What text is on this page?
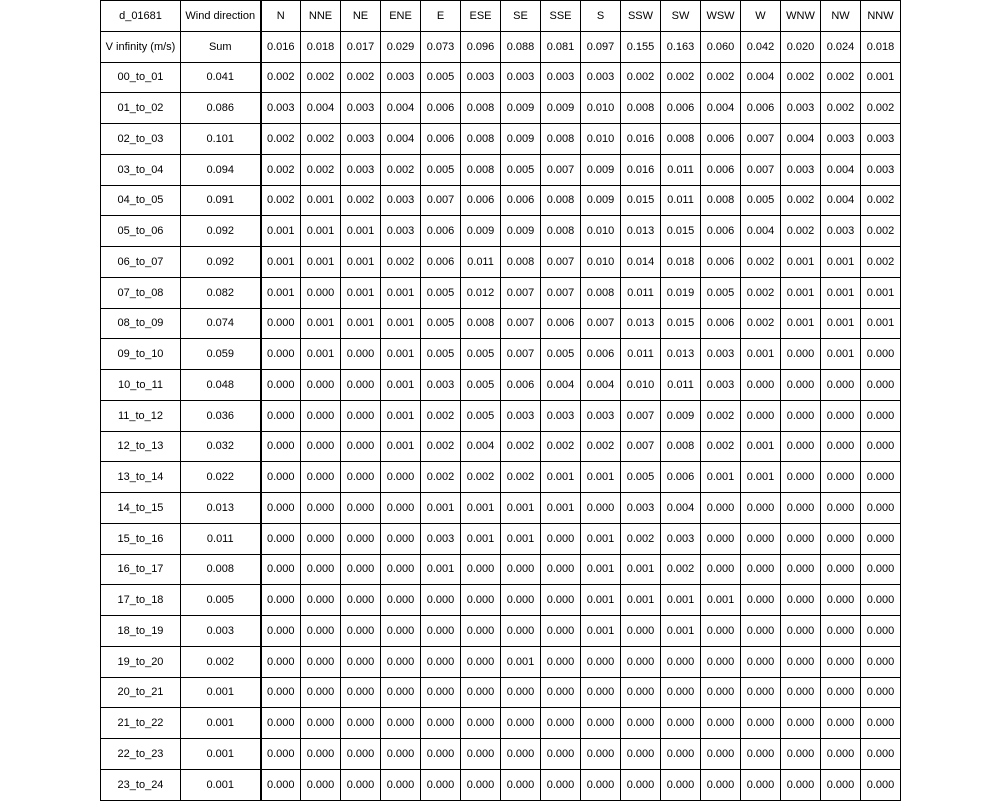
d_01681	Wind direction	N	NNE	NE	ENE	E	ESE	SE	SSE	S	SSW	SW	WSW	W	WNW	NW	NNW
V infinity (m/s)	Sum	0.016	0.018	0.017	0.029	0.073	0.096	0.088	0.081	0.097	0.155	0.163	0.060	0.042	0.020	0.024	0.018
00_to_01	0.041	0.002	0.002	0.002	0.003	0.005	0.003	0.003	0.003	0.003	0.002	0.002	0.002	0.004	0.002	0.002	0.001
01_to_02	0.086	0.003	0.004	0.003	0.004	0.006	0.008	0.009	0.009	0.010	0.008	0.006	0.004	0.006	0.003	0.002	0.002
02_to_03	0.101	0.002	0.002	0.003	0.004	0.006	0.008	0.009	0.008	0.010	0.016	0.008	0.006	0.007	0.004	0.003	0.003
03_to_04	0.094	0.002	0.002	0.003	0.002	0.005	0.008	0.005	0.007	0.009	0.016	0.011	0.006	0.007	0.003	0.004	0.003
04_to_05	0.091	0.002	0.001	0.002	0.003	0.007	0.006	0.006	0.008	0.009	0.015	0.011	0.008	0.005	0.002	0.004	0.002
05_to_06	0.092	0.001	0.001	0.001	0.003	0.006	0.009	0.009	0.008	0.010	0.013	0.015	0.006	0.004	0.002	0.003	0.002
06_to_07	0.092	0.001	0.001	0.001	0.002	0.006	0.011	0.008	0.007	0.010	0.014	0.018	0.006	0.002	0.001	0.001	0.002
07_to_08	0.082	0.001	0.000	0.001	0.001	0.005	0.012	0.007	0.007	0.008	0.011	0.019	0.005	0.002	0.001	0.001	0.001
08_to_09	0.074	0.000	0.001	0.001	0.001	0.005	0.008	0.007	0.006	0.007	0.013	0.015	0.006	0.002	0.001	0.001	0.001
09_to_10	0.059	0.000	0.001	0.000	0.001	0.005	0.005	0.007	0.005	0.006	0.011	0.013	0.003	0.001	0.000	0.001	0.000
10_to_11	0.048	0.000	0.000	0.000	0.001	0.003	0.005	0.006	0.004	0.004	0.010	0.011	0.003	0.000	0.000	0.000	0.000
11_to_12	0.036	0.000	0.000	0.000	0.001	0.002	0.005	0.003	0.003	0.003	0.007	0.009	0.002	0.000	0.000	0.000	0.000
12_to_13	0.032	0.000	0.000	0.000	0.001	0.002	0.004	0.002	0.002	0.002	0.007	0.008	0.002	0.001	0.000	0.000	0.000
13_to_14	0.022	0.000	0.000	0.000	0.000	0.002	0.002	0.002	0.001	0.001	0.005	0.006	0.001	0.001	0.000	0.000	0.000
14_to_15	0.013	0.000	0.000	0.000	0.000	0.001	0.001	0.001	0.001	0.000	0.003	0.004	0.000	0.000	0.000	0.000	0.000
15_to_16	0.011	0.000	0.000	0.000	0.000	0.003	0.001	0.001	0.000	0.001	0.002	0.003	0.000	0.000	0.000	0.000	0.000
16_to_17	0.008	0.000	0.000	0.000	0.000	0.001	0.000	0.000	0.000	0.001	0.001	0.002	0.000	0.000	0.000	0.000	0.000
17_to_18	0.005	0.000	0.000	0.000	0.000	0.000	0.000	0.000	0.000	0.001	0.001	0.001	0.001	0.000	0.000	0.000	0.000
18_to_19	0.003	0.000	0.000	0.000	0.000	0.000	0.000	0.000	0.000	0.001	0.000	0.001	0.000	0.000	0.000	0.000	0.000
19_to_20	0.002	0.000	0.000	0.000	0.000	0.000	0.000	0.001	0.000	0.000	0.000	0.000	0.000	0.000	0.000	0.000	0.000
20_to_21	0.001	0.000	0.000	0.000	0.000	0.000	0.000	0.000	0.000	0.000	0.000	0.000	0.000	0.000	0.000	0.000	0.000
21_to_22	0.001	0.000	0.000	0.000	0.000	0.000	0.000	0.000	0.000	0.000	0.000	0.000	0.000	0.000	0.000	0.000	0.000
22_to_23	0.001	0.000	0.000	0.000	0.000	0.000	0.000	0.000	0.000	0.000	0.000	0.000	0.000	0.000	0.000	0.000	0.000
23_to_24	0.001	0.000	0.000	0.000	0.000	0.000	0.000	0.000	0.000	0.000	0.000	0.000	0.000	0.000	0.000	0.000	0.000
